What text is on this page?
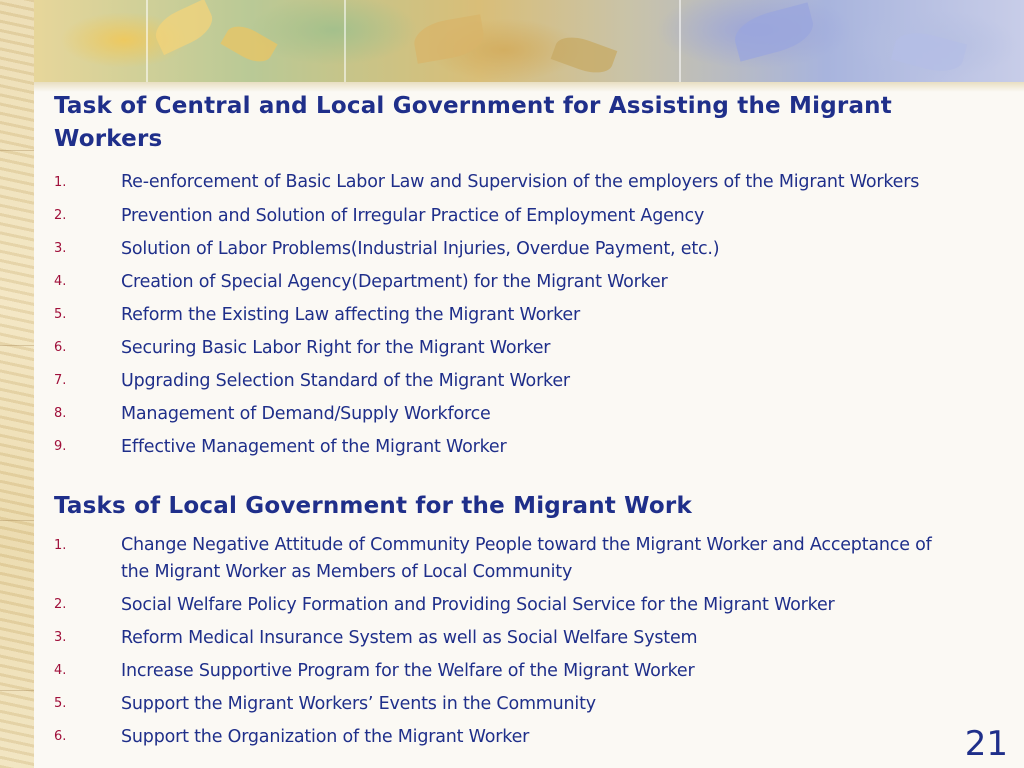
Task of Central and Local Government for Assisting the Migrant Workers
1.	Re-enforcement of Basic Labor Law and Supervision of the employers of the Migrant Workers
2.	Prevention and Solution of Irregular Practice of Employment Agency
3.	Solution of Labor Problems(Industrial Injuries, Overdue Payment, etc.)
4.	Creation of Special Agency(Department) for the Migrant Worker
5.	Reform the Existing Law affecting the Migrant Worker
6.	Securing Basic Labor Right for the Migrant Worker
7.	Upgrading Selection Standard of the Migrant Worker
8.	Management of Demand/Supply Workforce
9.	Effective Management of the Migrant Worker
Tasks of Local Government for the Migrant Work
1.	Change Negative Attitude of Community People toward the Migrant Worker and Acceptance of the Migrant Worker as Members of Local Community
2.	Social Welfare Policy Formation and Providing Social Service for the Migrant Worker
3.	Reform Medical Insurance System as well as Social Welfare System
4.	Increase Supportive Program for the Welfare of the Migrant Worker
5.	Support the Migrant Workers’ Events in the Community
6.	Support the Organization of the Migrant Worker	21
